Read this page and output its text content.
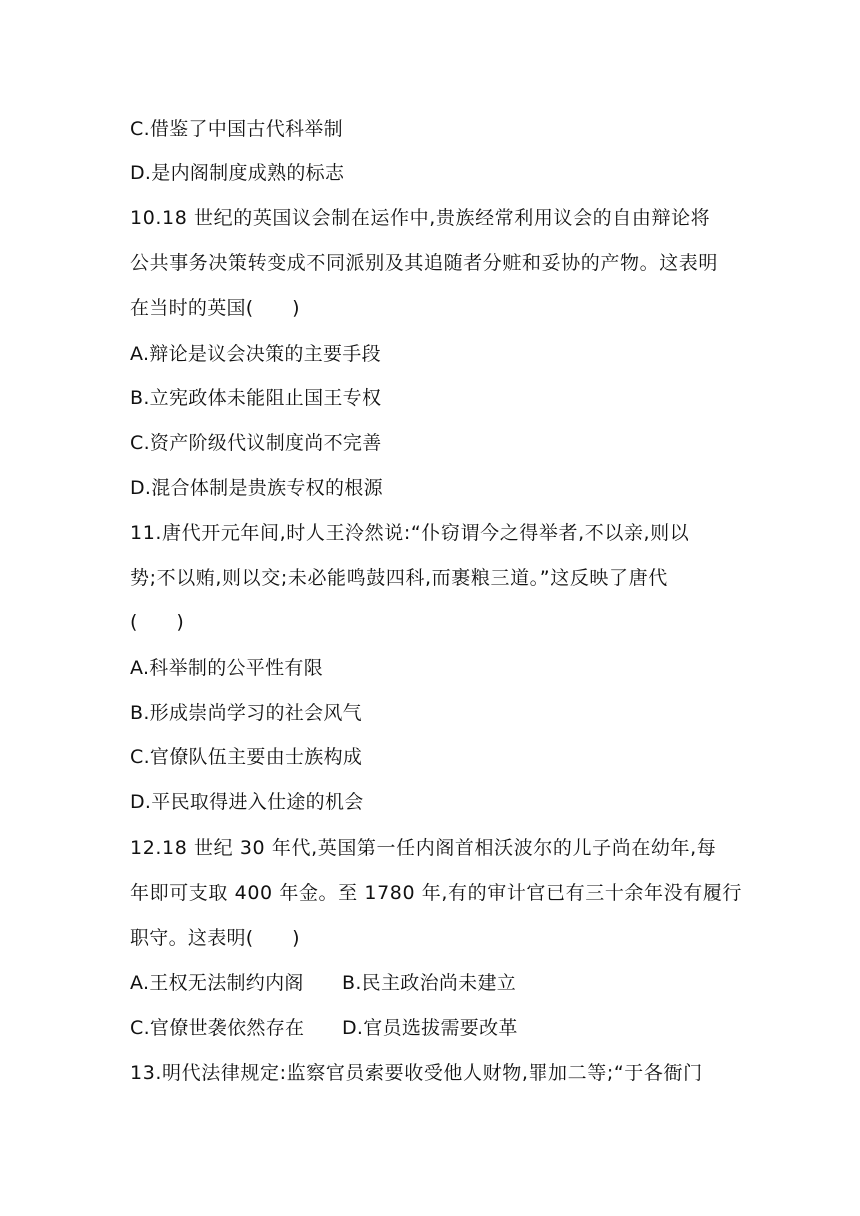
C.借鉴了中国古代科举制
D.是内阁制度成熟的标志
10.18 世纪的英国议会制在运作中,贵族经常利用议会的自由辩论将
公共事务决策转变成不同派别及其追随者分赃和妥协的产物。这表明
在当时的英国(　　)
A.辩论是议会决策的主要手段
B.立宪政体未能阻止国王专权
C.资产阶级代议制度尚不完善
D.混合体制是贵族专权的根源
11.唐代开元年间,时人王泠然说:“仆窃谓今之得举者,不以亲,则以
势;不以贿,则以交;未必能鸣鼓四科,而裹粮三道。”这反映了唐代
(　　)
A.科举制的公平性有限
B.形成崇尚学习的社会风气
C.官僚队伍主要由士族构成
D.平民取得进入仕途的机会
12.18 世纪 30 年代,英国第一任内阁首相沃波尔的儿子尚在幼年,每
年即可支取 400 年金。至 1780 年,有的审计官已有三十余年没有履行
职守。这表明(　　)
A.王权无法制约内阁 B.民主政治尚未建立
C.官僚世袭依然存在 D.官员选拔需要改革
13.明代法律规定:监察官员索要收受他人财物,罪加二等;“于各衙门
